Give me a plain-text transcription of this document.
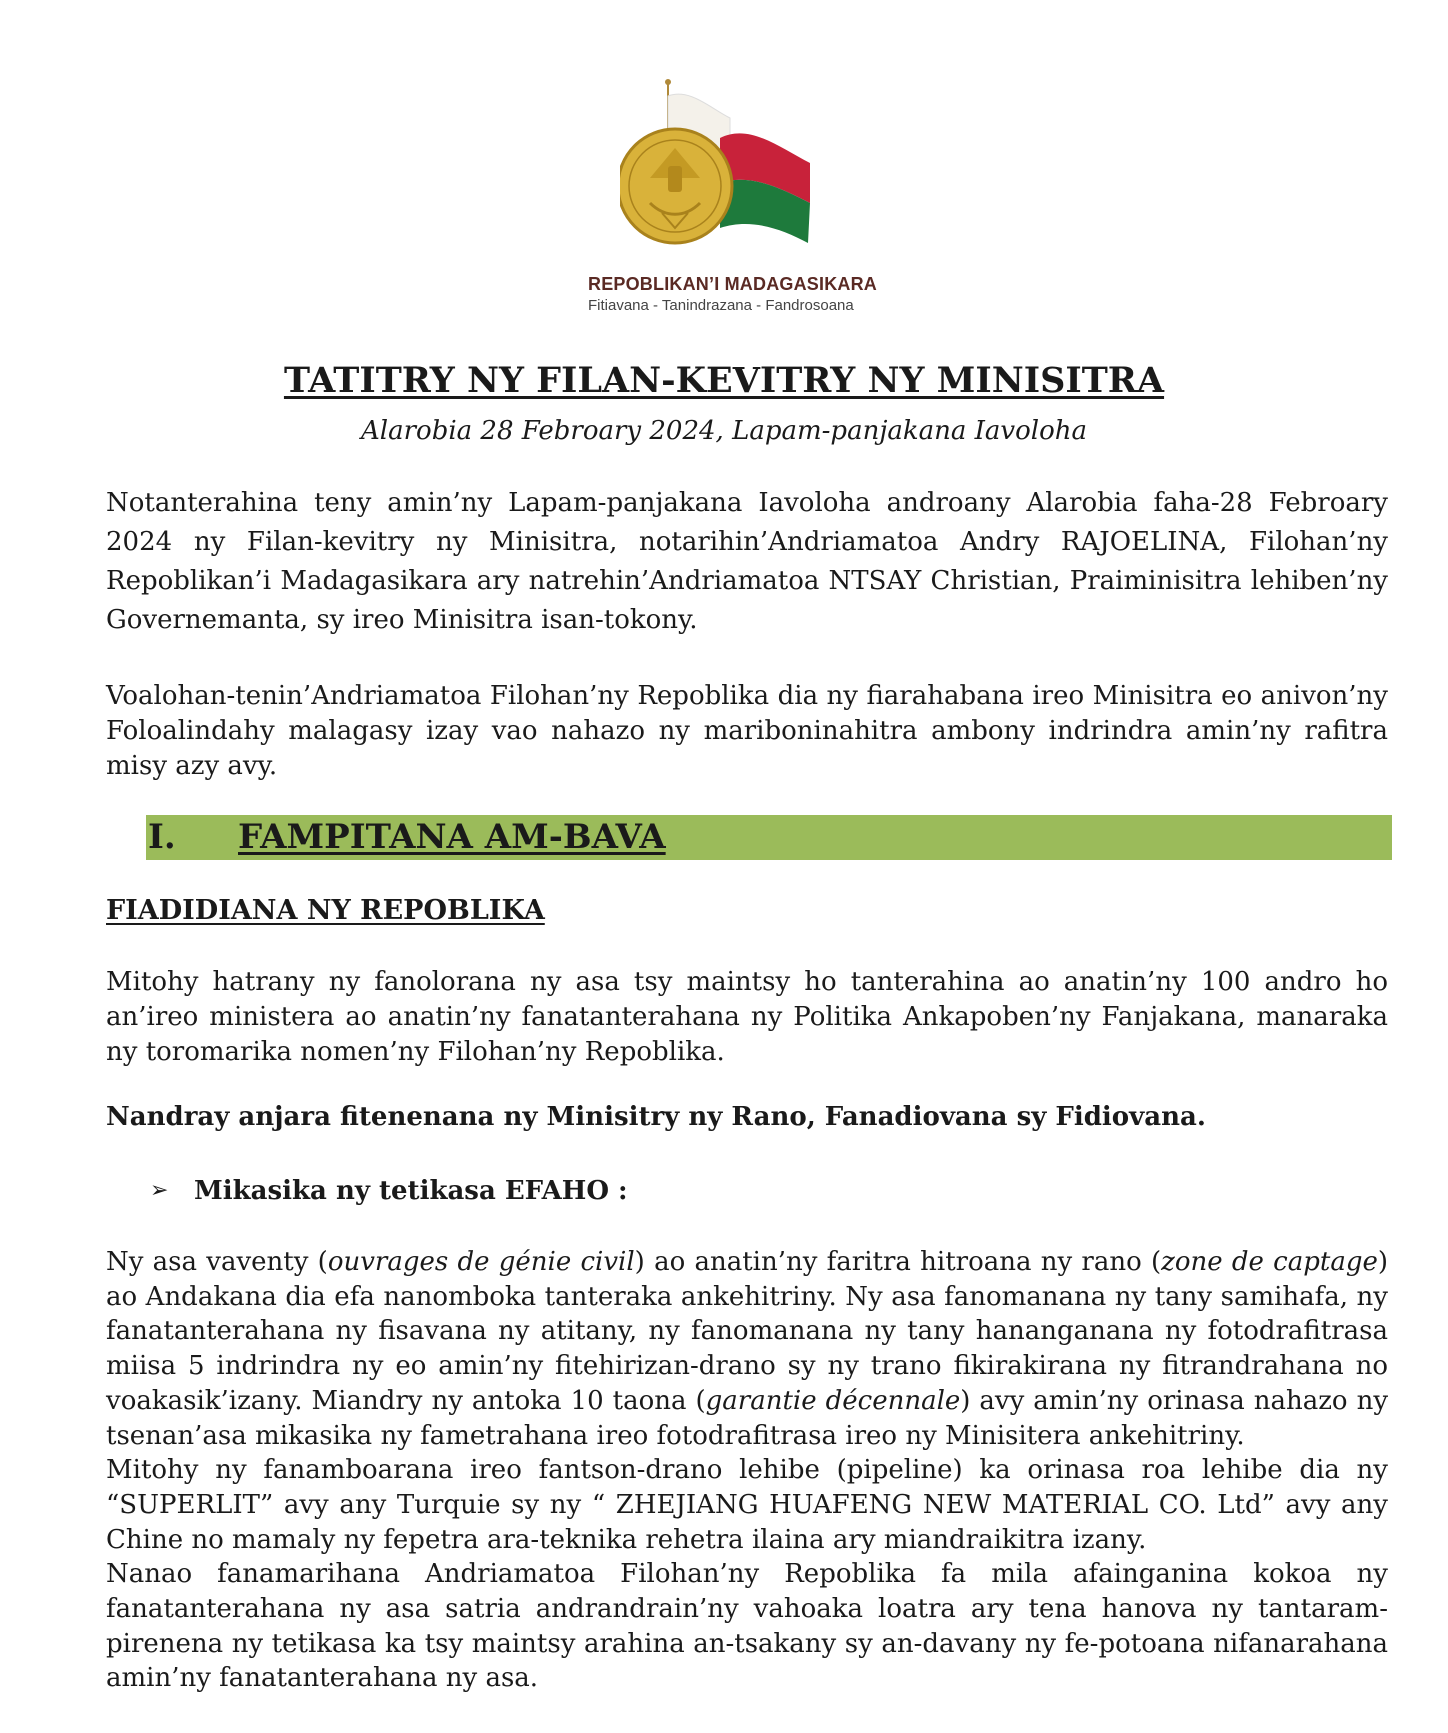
REPOBLIKAN’I MADAGASIKARA
Fitiavana - Tanindrazana - Fandrosoana
TATITRY NY FILAN-KEVITRY NY MINISITRA
Alarobia 28 Febroary 2024, Lapam-panjakana Iavoloha
Notanterahina teny amin’ny Lapam-panjakana Iavoloha androany Alarobia faha-28 Febroary 2024 ny Filan-kevitry ny Minisitra, notarihin’Andriamatoa Andry RAJOELINA, Filohan’ny Repoblikan’i Madagasikara ary natrehin’Andriamatoa NTSAY Christian, Praiminisitra lehiben’ny Governemanta, sy ireo Minisitra isan-tokony.
Voalohan-tenin’Andriamatoa Filohan’ny Repoblika dia ny fiarahabana ireo Minisitra eo anivon’ny Foloalindahy malagasy izay vao nahazo ny mariboninahitra ambony indrindra amin’ny rafitra misy azy avy.
I. FAMPITANA AM-BAVA
FIADIDIANA NY REPOBLIKA
Mitohy hatrany ny fanolorana ny asa tsy maintsy ho tanterahina ao anatin’ny 100 andro ho an’ireo ministera ao anatin’ny fanatanterahana ny Politika Ankapoben’ny Fanjakana, manaraka ny toromarika nomen’ny Filohan’ny Repoblika.
Nandray anjara fitenenana ny Minisitry ny Rano, Fanadiovana sy Fidiovana.
➢ Mikasika ny tetikasa EFAHO :

Ny asa vaventy (ouvrages de génie civil) ao anatin’ny faritra hitroana ny rano (zone de captage) ao Andakana dia efa nanomboka tanteraka ankehitriny. Ny asa fanomanana ny tany samihafa, ny fanatanterahana ny fisavana ny atitany, ny fanomanana ny tany hananganana ny fotodrafitrasa miisa 5 indrindra ny eo amin’ny fitehirizan-drano sy ny trano fikirakirana ny fitrandrahana no voakasik’izany. Miandry ny antoka 10 taona (garantie décennale) avy amin’ny orinasa nahazo ny tsenan’asa mikasika ny fametrahana ireo fotodrafitrasa ireo ny Minisitera ankehitriny.

Mitohy ny fanamboarana ireo fantson-drano lehibe (pipeline) ka orinasa roa lehibe dia ny “SUPERLIT” avy any Turquie sy ny “ ZHEJIANG HUAFENG NEW MATERIAL CO. Ltd” avy any Chine no mamaly ny fepetra ara-teknika rehetra ilaina ary miandraikitra izany.

Nanao fanamarihana Andriamatoa Filohan’ny Repoblika fa mila afainganina kokoa ny fanatanterahana ny asa satria andrandrain’ny vahoaka loatra ary tena hanova ny tantaram-pirenena ny tetikasa ka tsy maintsy arahina an-tsakany sy an-davany ny fe-potoana nifanarahana amin’ny fanatanterahana ny asa.
